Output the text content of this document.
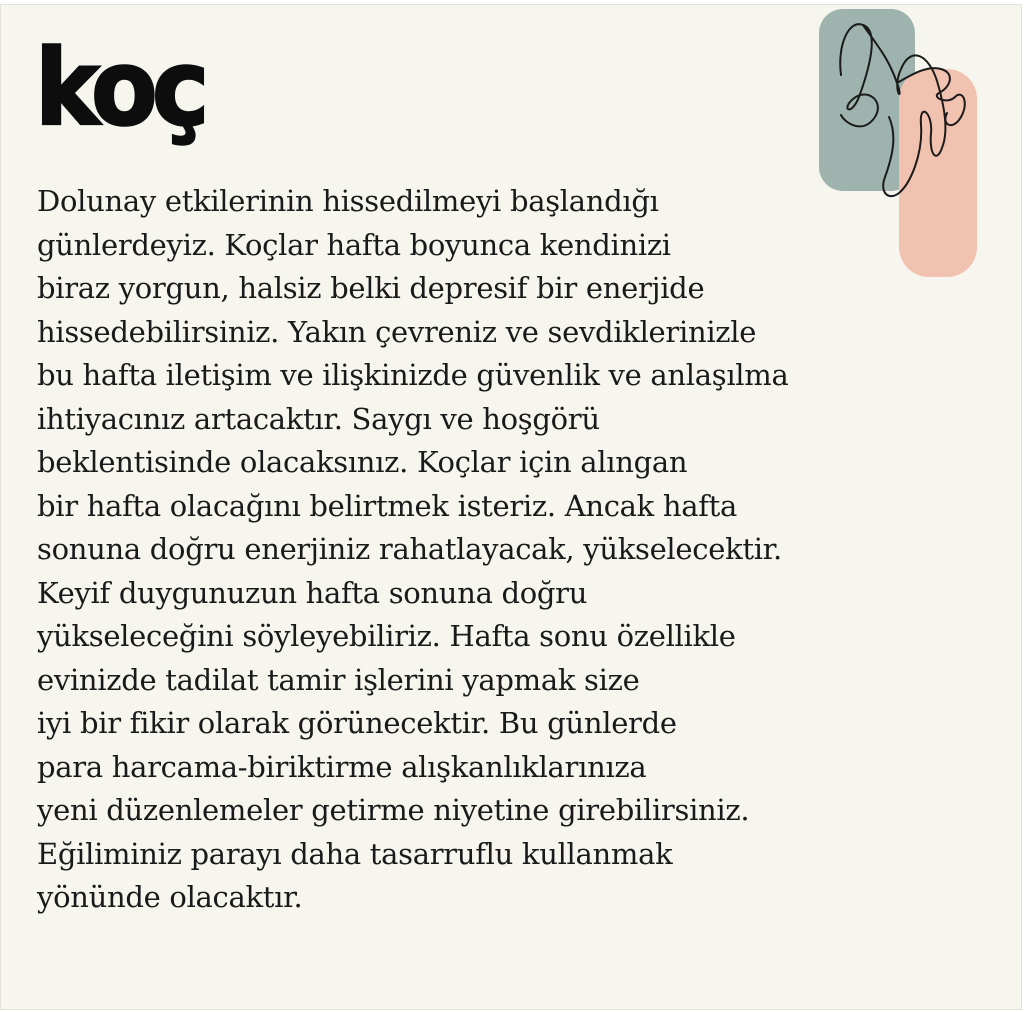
koç
Dolunay etkilerinin hissedilmeyi başlandığı
günlerdeyiz. Koçlar hafta boyunca kendinizi
biraz yorgun, halsiz belki depresif bir enerjide
hissedebilirsiniz. Yakın çevreniz ve sevdiklerinizle
bu hafta iletişim ve ilişkinizde güvenlik ve anlaşılma
ihtiyacınız artacaktır. Saygı ve hoşgörü
beklentisinde olacaksınız. Koçlar için alıngan
bir hafta olacağını belirtmek isteriz. Ancak hafta
sonuna doğru enerjiniz rahatlayacak, yükselecektir.
Keyif duygunuzun hafta sonuna doğru
yükseleceğini söyleyebiliriz. Hafta sonu özellikle
evinizde tadilat tamir işlerini yapmak size
iyi bir fikir olarak görünecektir. Bu günlerde
para harcama-biriktirme alışkanlıklarınıza
yeni düzenlemeler getirme niyetine girebilirsiniz.
Eğiliminiz parayı daha tasarruflu kullanmak
yönünde olacaktır.
